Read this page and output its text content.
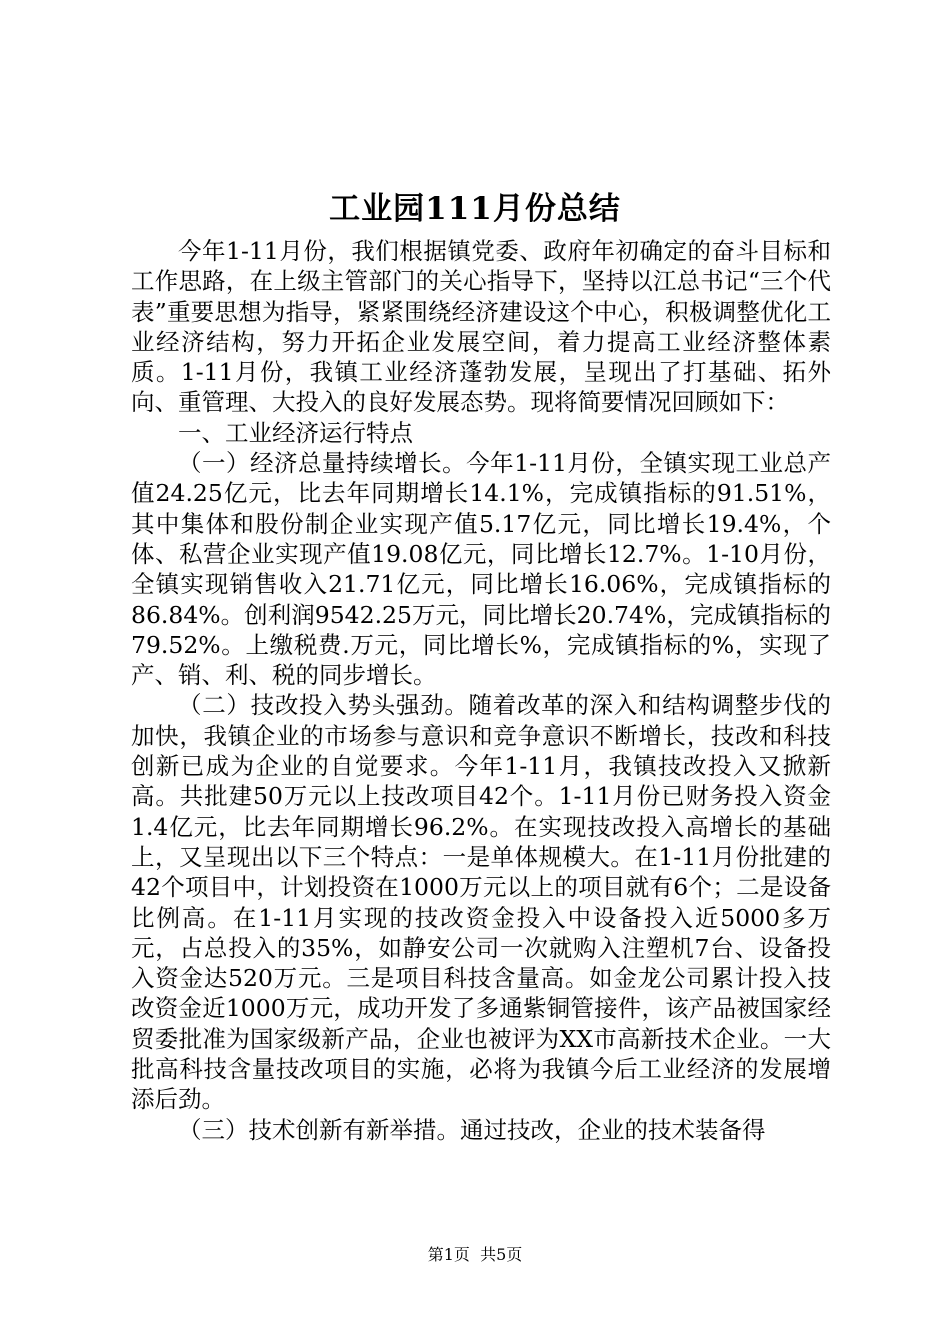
工业园111月份总结

今年1-11月份，我们根据镇党委、政府年初确定的奋斗目标和工作思路，在上级主管部门的关心指导下，坚持以江总书记“三个代表”重要思想为指导，紧紧围绕经济建设这个中心，积极调整优化工业经济结构，努力开拓企业发展空间，着力提高工业经济整体素质。1-11月份，我镇工业经济蓬勃发展，呈现出了打基础、拓外向、重管理、大投入的良好发展态势。现将简要情况回顾如下：

一、工业经济运行特点

（一）经济总量持续增长。今年1-11月份，全镇实现工业总产值24.25亿元，比去年同期增长14.1%，完成镇指标的91.51%，其中集体和股份制企业实现产值5.17亿元，同比增长19.4%，个体、私营企业实现产值19.08亿元，同比增长12.7%。1-10月份，全镇实现销售收入21.71亿元，同比增长16.06%，完成镇指标的86.84%。创利润9542.25万元，同比增长20.74%，完成镇指标的79.52%。上缴税费.万元，同比增长%，完成镇指标的%，实现了产、销、利、税的同步增长。

（二）技改投入势头强劲。随着改革的深入和结构调整步伐的加快，我镇企业的市场参与意识和竞争意识不断增长，技改和科技创新已成为企业的自觉要求。今年1-11月，我镇技改投入又掀新高。共批建50万元以上技改项目42个。1-11月份已财务投入资金1.4亿元，比去年同期增长96.2%。在实现技改投入高增长的基础上，又呈现出以下三个特点：一是单体规模大。在1-11月份批建的42个项目中，计划投资在1000万元以上的项目就有6个；二是设备比例高。在1-11月实现的技改资金投入中设备投入近5000多万元，占总投入的35%，如静安公司一次就购入注塑机7台、设备投入资金达520万元。三是项目科技含量高。如金龙公司累计投入技改资金近1000万元，成功开发了多通紫铜管接件，该产品被国家经贸委批准为国家级新产品，企业也被评为XX市高新技术企业。一大批高科技含量技改项目的实施，必将为我镇今后工业经济的发展增添后劲。

（三）技术创新有新举措。通过技改，企业的技术装备得

第1页 共5页
